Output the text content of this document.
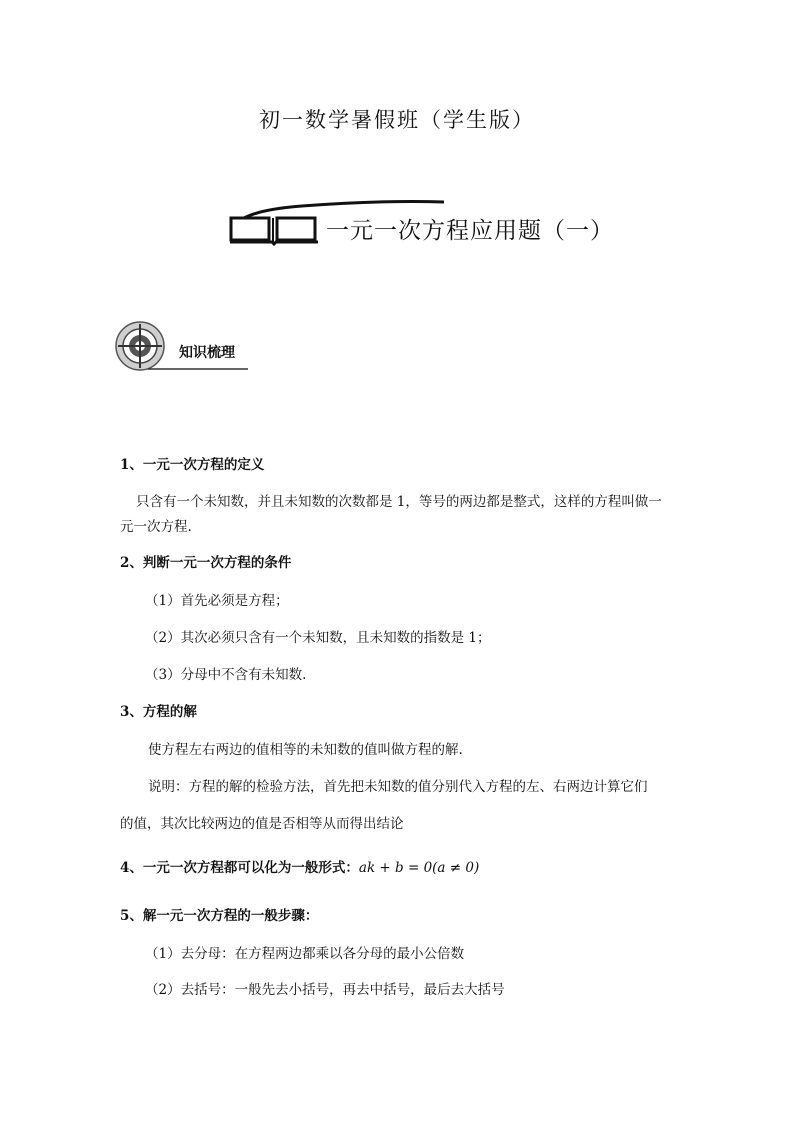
初一数学暑假班（学生版）
一元一次方程应用题（一）
知识梳理
1、一元一次方程的定义
只含有一个未知数，并且未知数的次数都是 1，等号的两边都是整式，这样的方程叫做一
元一次方程.
2、判断一元一次方程的条件
（1）首先必须是方程；
（2）其次必须只含有一个未知数，且未知数的指数是 1；
（3）分母中不含有未知数.
3、方程的解
使方程左右两边的值相等的未知数的值叫做方程的解.
说明：方程的解的检验方法，首先把未知数的值分别代入方程的左、右两边计算它们
的值，其次比较两边的值是否相等从而得出结论
4、一元一次方程都可以化为一般形式：ak + b = 0(a ≠ 0)
5、解一元一次方程的一般步骤：
（1）去分母：在方程两边都乘以各分母的最小公倍数
（2）去括号：一般先去小括号，再去中括号，最后去大括号
